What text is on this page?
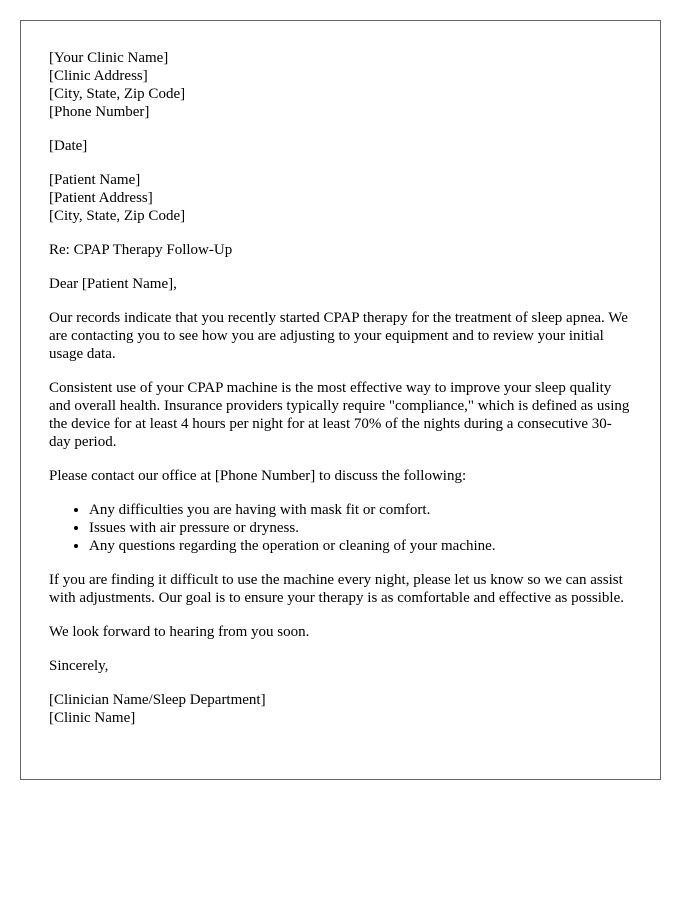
[Your Clinic Name]
[Clinic Address]
[City, State, Zip Code]
[Phone Number]
[Date]
[Patient Name]
[Patient Address]
[City, State, Zip Code]

Re: CPAP Therapy Follow-Up

Dear [Patient Name],

Our records indicate that you recently started CPAP therapy for the treatment of sleep apnea. We are contacting you to see how you are adjusting to your equipment and to review your initial usage data.

Consistent use of your CPAP machine is the most effective way to improve your sleep quality and overall health. Insurance providers typically require "compliance," which is defined as using the device for at least 4 hours per night for at least 70% of the nights during a consecutive 30-day period.

Please contact our office at [Phone Number] to discuss the following:

• Any difficulties you are having with mask fit or comfort.
• Issues with air pressure or dryness.
• Any questions regarding the operation or cleaning of your machine.

If you are finding it difficult to use the machine every night, please let us know so we can assist with adjustments. Our goal is to ensure your therapy is as comfortable and effective as possible.

We look forward to hearing from you soon.

Sincerely,

[Clinician Name/Sleep Department]
[Clinic Name]
